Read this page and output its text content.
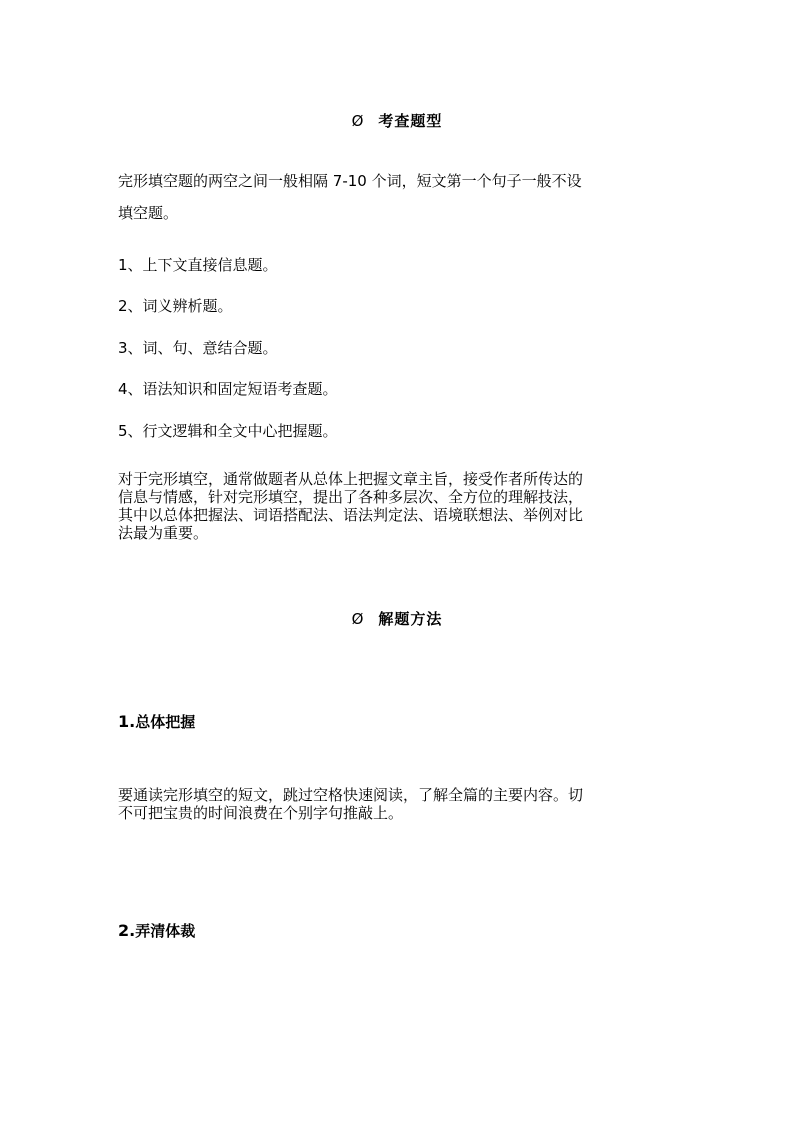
Ø 考查题型
完形填空题的两空之间一般相隔 7-10 个词，短文第一个句子一般不设
填空题。
1、上下文直接信息题。
2、词义辨析题。
3、词、句、意结合题。
4、语法知识和固定短语考查题。
5、行文逻辑和全文中心把握题。
对于完形填空，通常做题者从总体上把握文章主旨，接受作者所传达的
信息与情感，针对完形填空，提出了各种多层次、全方位的理解技法，
其中以总体把握法、词语搭配法、语法判定法、语境联想法、举例对比
法最为重要。
Ø 解题方法
1.总体把握
要通读完形填空的短文，跳过空格快速阅读，了解全篇的主要内容。切
不可把宝贵的时间浪费在个别字句推敲上。
2.弄清体裁
